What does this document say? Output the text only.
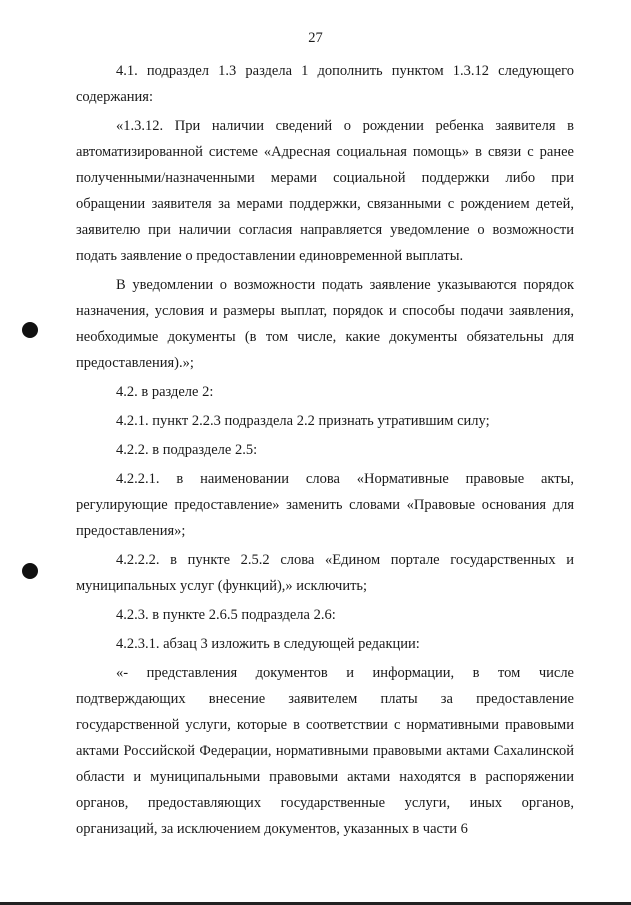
27

4.1. подраздел 1.3 раздела 1 дополнить пунктом 1.3.12 следующего содержания:

«1.3.12. При наличии сведений о рождении ребенка заявителя в автоматизированной системе «Адресная социальная помощь» в связи с ранее полученными/назначенными мерами социальной поддержки либо при обращении заявителя за мерами поддержки, связанными с рождением детей, заявителю при наличии согласия направляется уведомление о возможности подать заявление о предоставлении единовременной выплаты.

В уведомлении о возможности подать заявление указываются порядок назначения, условия и размеры выплат, порядок и способы подачи заявления, необходимые документы (в том числе, какие документы обязательны для предоставления).»;

4.2. в разделе 2:

4.2.1. пункт 2.2.3 подраздела 2.2 признать утратившим силу;

4.2.2. в подразделе 2.5:

4.2.2.1. в наименовании слова «Нормативные правовые акты, регулирующие предоставление» заменить словами «Правовые основания для предоставления»;

4.2.2.2. в пункте 2.5.2 слова «Едином портале государственных и муниципальных услуг (функций),» исключить;

4.2.3. в пункте 2.6.5 подраздела 2.6:

4.2.3.1. абзац 3 изложить в следующей редакции:

«- представления документов и информации, в том числе подтверждающих внесение заявителем платы за предоставление государственной услуги, которые в соответствии с нормативными правовыми актами Российской Федерации, нормативными правовыми актами Сахалинской области и муниципальными правовыми актами находятся в распоряжении органов, предоставляющих государственные услуги, иных органов, организаций, за исключением документов, указанных в части 6
